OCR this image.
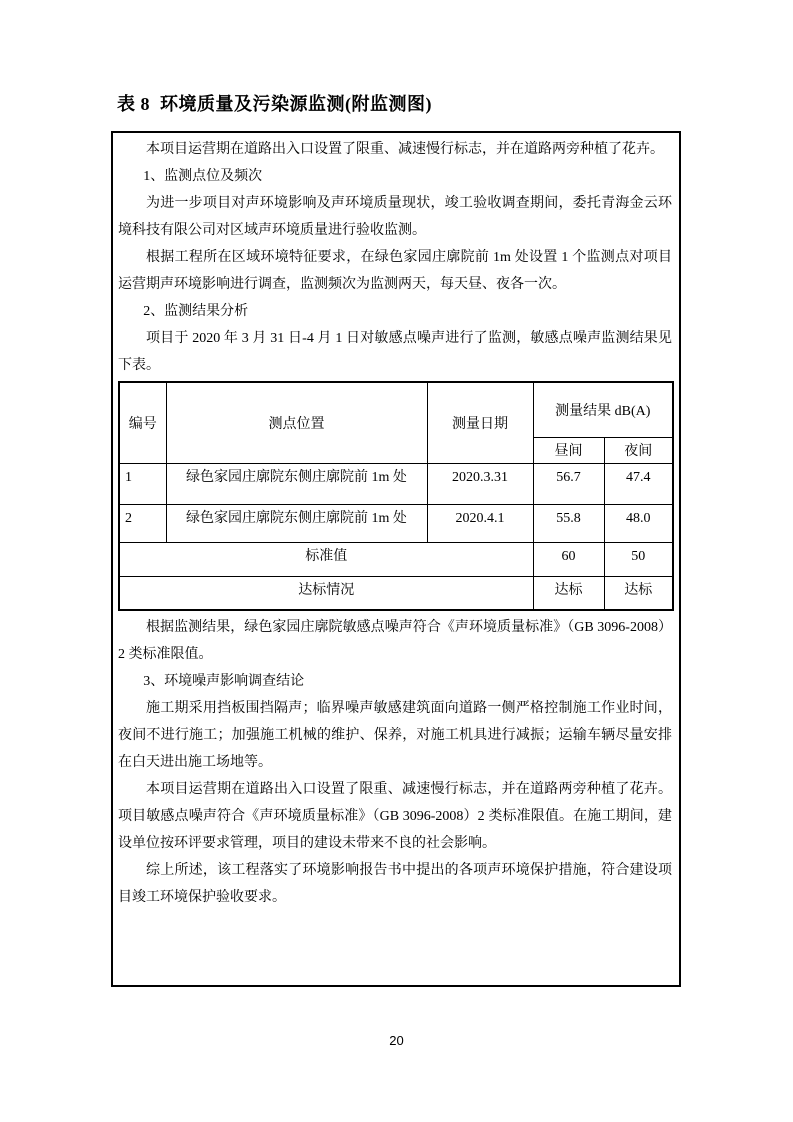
表 8  环境质量及污染源监测(附监测图)

本项目运营期在道路出入口设置了限重、减速慢行标志，并在道路两旁种植了花卉。

1、监测点位及频次

为进一步项目对声环境影响及声环境质量现状，竣工验收调查期间，委托青海金云环境科技有限公司对区域声环境质量进行验收监测。

根据工程所在区域环境特征要求，在绿色家园庄廓院前 1m 处设置 1 个监测点对项目运营期声环境影响进行调查，监测频次为监测两天，每天昼、夜各一次。

2、监测结果分析

项目于 2020 年 3 月 31 日-4 月 1 日对敏感点噪声进行了监测，敏感点噪声监测结果见下表。

编号	测点位置	测量日期	测量结果 dB(A)	
			昼间	夜间
1	绿色家园庄廓院东侧庄廓院前 1m 处	2020.3.31	56.7	47.4
2	绿色家园庄廓院东侧庄廓院前 1m 处	2020.4.1	55.8	48.0
标准值			60	50
达标情况			达标	达标

根据监测结果，绿色家园庄廓院敏感点噪声符合《声环境质量标准》（GB 3096-2008）2 类标准限值。

3、环境噪声影响调查结论

施工期采用挡板围挡隔声；临界噪声敏感建筑面向道路一侧严格控制施工作业时间，夜间不进行施工；加强施工机械的维护、保养，对施工机具进行减振；运输车辆尽量安排在白天进出施工场地等。

本项目运营期在道路出入口设置了限重、减速慢行标志，并在道路两旁种植了花卉。项目敏感点噪声符合《声环境质量标准》（GB 3096-2008）2 类标准限值。在施工期间，建设单位按环评要求管理，项目的建设未带来不良的社会影响。

综上所述，该工程落实了环境影响报告书中提出的各项声环境保护措施，符合建设项目竣工环境保护验收要求。

20
